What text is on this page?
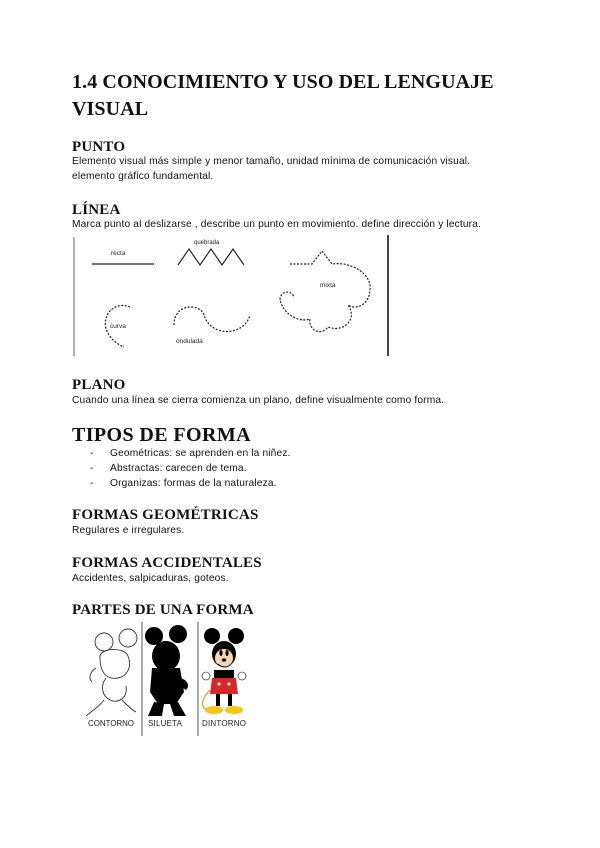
1.4 CONOCIMIENTO Y USO DEL LENGUAJE VISUAL
PUNTO

Elemento visual más simple y menor tamaño, unidad mínima de comunicación visual.

elemento gráfico fundamental.

LÍNEA

Marca punto al deslizarse , describe un punto en movimiento. define dirección y lectura.

recta
quebrada
mixta
curva
ondulada
PLANO

Cuando una línea se cierra comienza un plano, define visualmente como forma.

TIPOS DE FORMA
- Geométricas: se aprenden en la niñez.
- Abstractas: carecen de tema.
- Organizas: formas de la naturaleza.
FORMAS GEOMÉTRICAS

Regulares e irregulares.

FORMAS ACCIDENTALES

Accidentes, salpicaduras, goteos.

PARTES DE UNA FORMA
CONTORNO SILUETA	DINTORNO
